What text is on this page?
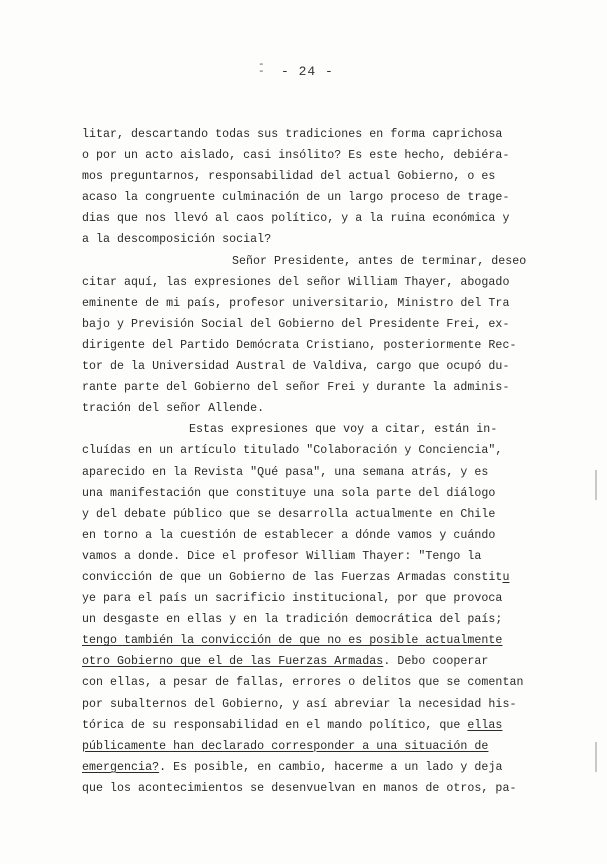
-
- - 24 -
litar, descartando todas sus tradiciones en forma caprichosa
o por un acto aislado, casi insólito? Es este hecho, debiéra-
mos preguntarnos, responsabilidad del actual Gobierno, o es
acaso la congruente culminación de un largo proceso de trage-
dias que nos llevó al caos político, y a la ruina económica y
a la descomposición social?
Señor Presidente, antes de terminar, deseo
citar aquí, las expresiones del señor William Thayer, abogado
eminente de mi país, profesor universitario, Ministro del Tra
bajo y Previsión Social del Gobierno del Presidente Frei, ex-
dirigente del Partido Demócrata Cristiano, posteriormente Rec-
tor de la Universidad Austral de Valdiva, cargo que ocupó du-
rante parte del Gobierno del señor Frei y durante la adminis-
tración del señor Allende.
Estas expresiones que voy a citar, están in-
cluídas en un artículo titulado "Colaboración y Conciencia",
aparecido en la Revista "Qué pasa", una semana atrás, y es
una manifestación que constituye una sola parte del diálogo
y del debate público que se desarrolla actualmente en Chile
en torno a la cuestión de establecer a dónde vamos y cuándo
vamos a donde. Dice el profesor William Thayer: "Tengo la
convicción de que un Gobierno de las Fuerzas Armadas constitu
ye para el país un sacrificio institucional, por que provoca
un desgaste en ellas y en la tradición democrática del país;
tengo también la convicción de que no es posible actualmente
otro Gobierno que el de las Fuerzas Armadas. Debo cooperar
con ellas, a pesar de fallas, errores o delitos que se comentan
por subalternos del Gobierno, y así abreviar la necesidad his-
tórica de su responsabilidad en el mando político, que ellas
públicamente han declarado corresponder a una situación de
emergencia?. Es posible, en cambio, hacerme a un lado y deja
que los acontecimientos se desenvuelvan en manos de otros, pa-
